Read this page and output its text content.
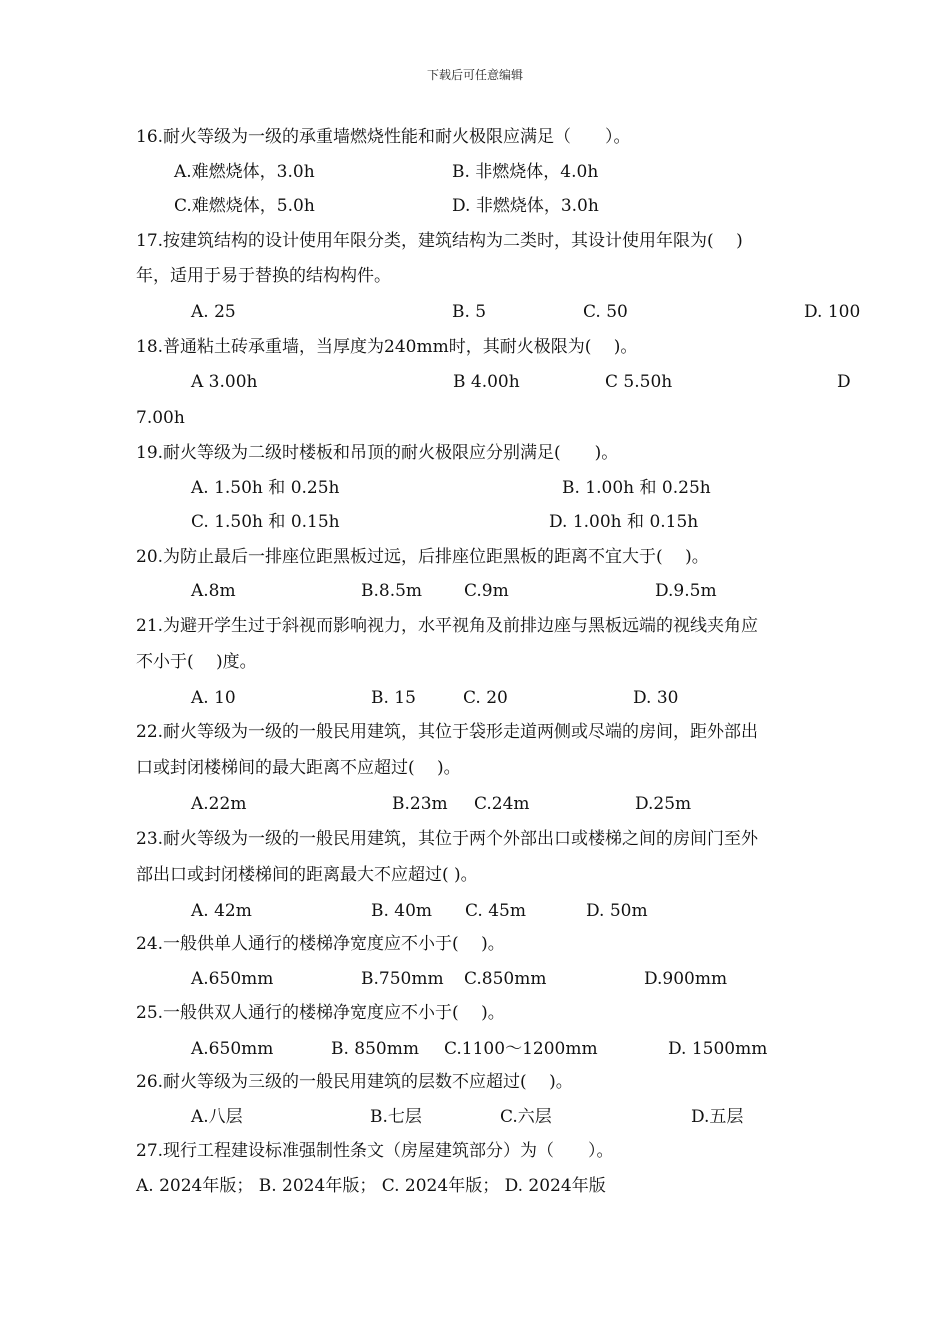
下载后可任意编辑
16.耐火等级为一级的承重墙燃烧性能和耐火极限应满足（　　）。
A.难燃烧体，3.0h	B. 非燃烧体，4.0h
C.难燃烧体，5.0h	D. 非燃烧体，3.0h
17.按建筑结构的设计使用年限分类，建筑结构为二类时，其设计使用年限为(　 )
年，适用于易于替换的结构构件。
A. 25	B. 5	C. 50	D. 100
18.普通粘土砖承重墙，当厚度为240mm时，其耐火极限为(　 )。
A 3.00h	B 4.00h	C 5.50h	D
7.00h
19.耐火等级为二级时楼板和吊顶的耐火极限应分别满足(　　)。
A. 1.50h 和 0.25h	B. 1.00h 和 0.25h
C. 1.50h 和 0.15h	D. 1.00h 和 0.15h
20.为防止最后一排座位距黑板过远，后排座位距黑板的距离不宜大于(　 )。
A.8m	B.8.5m C.9m	D.9.5m
21.为避开学生过于斜视而影响视力，水平视角及前排边座与黑板远端的视线夹角应
不小于(　 )度。
A. 10	B. 15	C. 20	D. 30
22.耐火等级为一级的一般民用建筑，其位于袋形走道两侧或尽端的房间，距外部出
口或封闭楼梯间的最大距离不应超过(　 )。
A.22m	B.23m C.24m	D.25m
23.耐火等级为一级的一般民用建筑，其位于两个外部出口或楼梯之间的房间门至外
部出口或封闭楼梯间的距离最大不应超过( )。
A. 42m	B. 40m C. 45m	D. 50m
24.一般供单人通行的楼梯净宽度应不小于(　 )。
A.650mm	B.750mm C.850mm	D.900mm
25.一般供双人通行的楼梯净宽度应不小于(　 )。
A.650mm	B. 850mm C.1100～1200mm	D. 1500mm
26.耐火等级为三级的一般民用建筑的层数不应超过(　 )。
A.八层	B.七层	C.六层	D.五层
27.现行工程建设标准强制性条文（房屋建筑部分）为（　　）。
A. 2024年版； B. 2024年版； C. 2024年版； D. 2024年版
